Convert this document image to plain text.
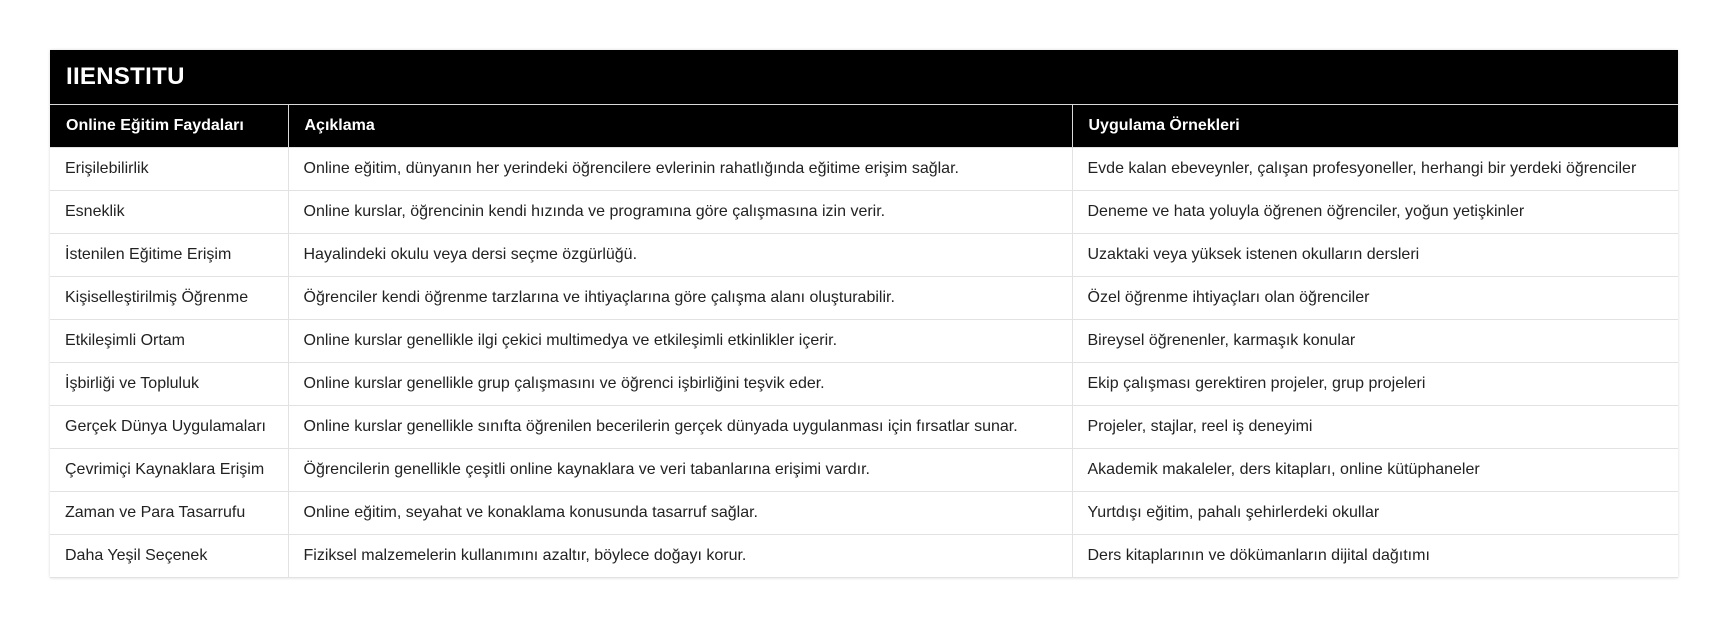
IIENSTITU
Online Eğitim Faydaları	Açıklama	Uygulama Örnekleri
Erişilebilirlik	Online eğitim, dünyanın her yerindeki öğrencilere evlerinin rahatlığında eğitime erişim sağlar.	Evde kalan ebeveynler, çalışan profesyoneller, herhangi bir yerdeki öğrenciler
Esneklik	Online kurslar, öğrencinin kendi hızında ve programına göre çalışmasına izin verir.	Deneme ve hata yoluyla öğrenen öğrenciler, yoğun yetişkinler
İstenilen Eğitime Erişim	Hayalindeki okulu veya dersi seçme özgürlüğü.	Uzaktaki veya yüksek istenen okulların dersleri
Kişiselleştirilmiş Öğrenme	Öğrenciler kendi öğrenme tarzlarına ve ihtiyaçlarına göre çalışma alanı oluşturabilir.	Özel öğrenme ihtiyaçları olan öğrenciler
Etkileşimli Ortam	Online kurslar genellikle ilgi çekici multimedya ve etkileşimli etkinlikler içerir.	Bireysel öğrenenler, karmaşık konular
İşbirliği ve Topluluk	Online kurslar genellikle grup çalışmasını ve öğrenci işbirliğini teşvik eder.	Ekip çalışması gerektiren projeler, grup projeleri
Gerçek Dünya Uygulamaları	Online kurslar genellikle sınıfta öğrenilen becerilerin gerçek dünyada uygulanması için fırsatlar sunar.	Projeler, stajlar, reel iş deneyimi
Çevrimiçi Kaynaklara Erişim	Öğrencilerin genellikle çeşitli online kaynaklara ve veri tabanlarına erişimi vardır.	Akademik makaleler, ders kitapları, online kütüphaneler
Zaman ve Para Tasarrufu	Online eğitim, seyahat ve konaklama konusunda tasarruf sağlar.	Yurtdışı eğitim, pahalı şehirlerdeki okullar
Daha Yeşil Seçenek	Fiziksel malzemelerin kullanımını azaltır, böylece doğayı korur.	Ders kitaplarının ve dökümanların dijital dağıtımı
